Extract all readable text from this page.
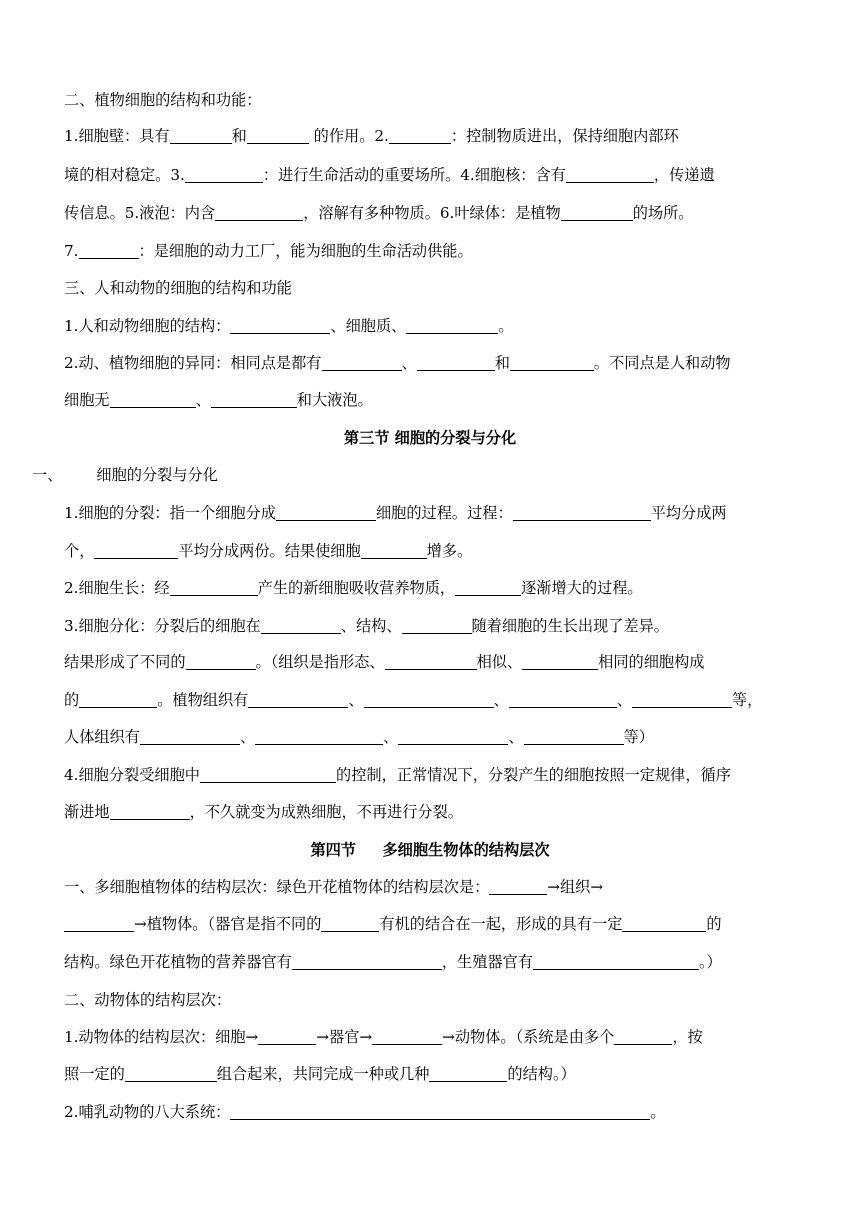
二、植物细胞的结构和功能：
1.细胞壁：具有	和	的作用。2.	：控制物质进出，保持细胞内部环
境的相对稳定。3.	：进行生命活动的重要场所。4.细胞核：含有	，传递遗
传信息。5.液泡：内含	，溶解有多种物质。6.叶绿体：是植物	的场所。
7.	：是细胞的动力工厂，能为细胞的生命活动供能。
三、人和动物的细胞的结构和功能
1.人和动物细胞的结构：	、细胞质、	。
2.动、植物细胞的异同：相同点是都有	、	和	。不同点是人和动物
细胞无	、	和大液泡。
第三节 细胞的分裂与分化
一、 细胞的分裂与分化
1.细胞的分裂：指一个细胞分成	细胞的过程。过程：	平均分成两
个，	平均分成两份。结果使细胞	增多。
2.细胞生长：经	产生的新细胞吸收营养物质，	逐渐增大的过程。
3.细胞分化：分裂后的细胞在	、结构、	随着细胞的生长出现了差异。
结果形成了不同的	。（组织是指形态、	相似、	相同的细胞构成
的	。植物组织有	、	、	、	等，
人体组织有	、	、	、	等）
4.细胞分裂受细胞中	的控制，正常情况下，分裂产生的细胞按照一定规律，循序
渐进地	，不久就变为成熟细胞，不再进行分裂。
第四节     多细胞生物体的结构层次
一、多细胞植物体的结构层次：绿色开花植物体的结构层次是：	→组织→
→植物体。（器官是指不同的	有机的结合在一起，形成的具有一定	的
结构。绿色开花植物的营养器官有	，生殖器官有	。）
二、动物体的结构层次：
1.动物体的结构层次：细胞→	→器官→	→动物体。（系统是由多个	，按
照一定的	组合起来，共同完成一种或几种	的结构。）
2.哺乳动物的八大系统：	。
